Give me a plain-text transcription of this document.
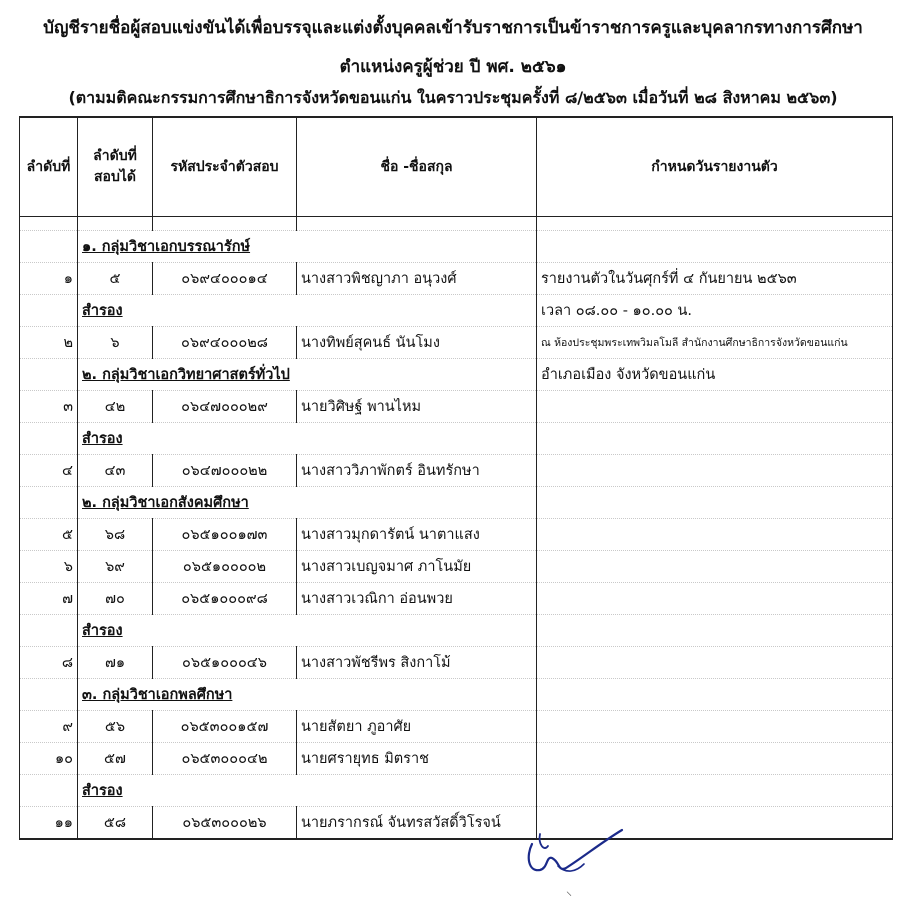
บัญชีรายชื่อผู้สอบแข่งขันได้เพื่อบรรจุและแต่งตั้งบุคคลเข้ารับราชการเป็นข้าราชการครูและบุคลากรทางการศึกษา
ตำแหน่งครูผู้ช่วย ปี พศ. ๒๕๖๑
(ตามมติคณะกรรมการศึกษาธิการจังหวัดขอนแก่น ในคราวประชุมครั้งที่ ๘/๒๕๖๓ เมื่อวันที่ ๒๘ สิงหาคม ๒๕๖๓)
ลำดับที่	ลำดับที่สอบได้	รหัสประจำตัวสอบ	ชื่อ -ชื่อสกุล	กำหนดวันรายงานตัว

	๑. กลุ่มวิชาเอกบรรณารักษ์			
๑	๕	๐๖๙๔๐๐๐๑๔	นางสาวพิชญาภา อนุวงศ์	รายงานตัวในวันศุกร์ที่ ๔ กันยายน ๒๕๖๓
	สำรอง			เวลา ๐๘.๐๐ - ๑๐.๐๐ น.
๒	๖	๐๖๙๔๐๐๐๒๘	นางทิพย์สุคนธ์ นันโมง	ณ ห้องประชุมพระเทพวิมลโมลี สำนักงานศึกษาธิการจังหวัดขอนแก่น
	๒. กลุ่มวิชาเอกวิทยาศาสตร์ทั่วไป			อำเภอเมือง จังหวัดขอนแก่น
๓	๔๒	๐๖๔๗๐๐๐๒๙	นายวิศิษฐ์ พานไหม	
	สำรอง			
๔	๔๓	๐๖๔๗๐๐๐๒๒	นางสาววิภาพักตร์ อินทรักษา	
	๒. กลุ่มวิชาเอกสังคมศึกษา			
๕	๖๘	๐๖๕๑๐๐๑๗๓	นางสาวมุกดารัตน์ นาตาแสง	
๖	๖๙	๐๖๕๑๐๐๐๐๒	นางสาวเบญจมาศ ภาโนมัย	
๗	๗๐	๐๖๕๑๐๐๐๙๘	นางสาวเวณิกา อ่อนพวย	
	สำรอง			
๘	๗๑	๐๖๕๑๐๐๐๔๖	นางสาวพัชรีพร สิงกาโม้	
	๓. กลุ่มวิชาเอกพลศึกษา			
๙	๕๖	๐๖๕๓๐๐๑๕๗	นายสัตยา ภูอาศัย	
๑๐	๕๗	๐๖๕๓๐๐๐๔๒	นายศรายุทธ มิตราช	
	สำรอง			
๑๑	๕๘	๐๖๕๓๐๐๐๒๖	นายภรากรณ์ จันทรสวัสดิ์วิโรจน์	
⸜
